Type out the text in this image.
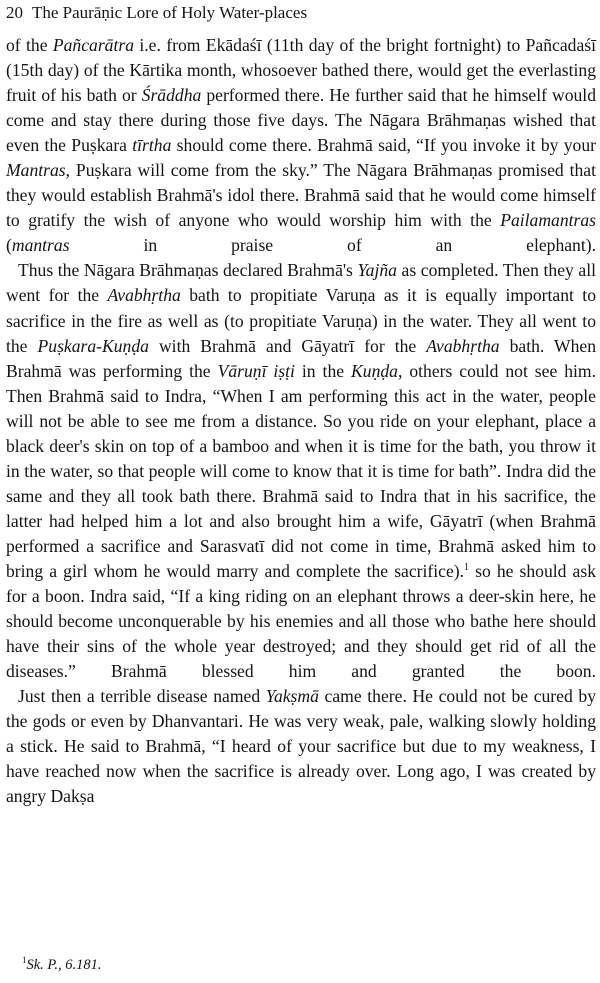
20 The Paurāṇic Lore of Holy Water-places

of the Pañcarātra i.e. from Ekādaśī (11th day of the bright fortnight) to Pañcadaśī (15th day) of the Kārtika month, whosoever bathed there, would get the everlasting fruit of his bath or Śrāddha performed there. He further said that he himself would come and stay there during those five days. The Nāgara Brāhmaṇas wished that even the Puṣkara tīrtha should come there. Brahmā said, “If you invoke it by your Mantras, Puṣkara will come from the sky.” The Nāgara Brāhmaṇas promised that they would establish Brahmā's idol there. Brahmā said that he would come himself to gratify the wish of anyone who would worship him with the Pailamantras (mantras in praise of an elephant).

Thus the Nāgara Brāhmaṇas declared Brahmā's Yajña as completed. Then they all went for the Avabhṛtha bath to propitiate Varuṇa as it is equally important to sacrifice in the fire as well as (to propitiate Varuṇa) in the water. They all went to the Puṣkara-Kuṇḍa with Brahmā and Gāyatrī for the Avabhṛtha bath. When Brahmā was performing the Vāruṇī iṣṭi in the Kuṇḍa, others could not see him. Then Brahmā said to Indra, “When I am performing this act in the water, people will not be able to see me from a distance. So you ride on your elephant, place a black deer's skin on top of a bamboo and when it is time for the bath, you throw it in the water, so that people will come to know that it is time for bath”. Indra did the same and they all took bath there. Brahmā said to Indra that in his sacrifice, the latter had helped him a lot and also brought him a wife, Gāyatrī (when Brahmā performed a sacrifice and Sarasvatī did not come in time, Brahmā asked him to bring a girl whom he would marry and complete the sacrifice).$^1$ so he should ask for a boon. Indra said, “If a king riding on an elephant throws a deer-skin here, he should become unconquerable by his enemies and all those who bathe here should have their sins of the whole year destroyed; and they should get rid of all the diseases.” Brahmā blessed him and granted the boon.

Just then a terrible disease named Yakṣmā came there. He could not be cured by the gods or even by Dhanvantari. He was very weak, pale, walking slowly holding a stick. He said to Brahmā, “I heard of your sacrifice but due to my weakness, I have reached now when the sacrifice is already over. Long ago, I was created by angry Dakṣa

$^1$Sk. P., 6.181.
